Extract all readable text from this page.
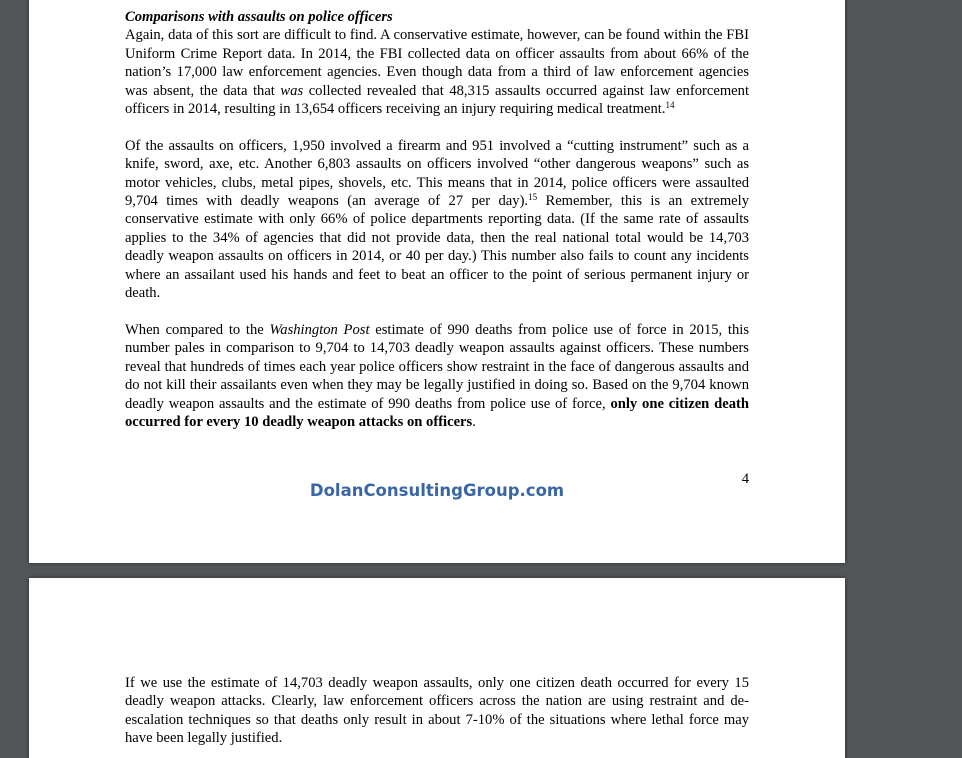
Comparisons with assaults on police officers

Again, data of this sort are difficult to find. A conservative estimate, however, can be found within the FBI Uniform Crime Report data. In 2014, the FBI collected data on officer assaults from about 66% of the nation’s 17,000 law enforcement agencies. Even though data from a third of law enforcement agencies was absent, the data that was collected revealed that 48,315 assaults occurred against law enforcement officers in 2014, resulting in 13,654 officers receiving an injury requiring medical treatment.$^{14}$

Of the assaults on officers, 1,950 involved a firearm and 951 involved a “cutting instrument” such as a knife, sword, axe, etc. Another 6,803 assaults on officers involved “other dangerous weapons” such as motor vehicles, clubs, metal pipes, shovels, etc. This means that in 2014, police officers were assaulted 9,704 times with deadly weapons (an average of 27 per day).$^{15}$ Remember, this is an extremely conservative estimate with only 66% of police departments reporting data. (If the same rate of assaults applies to the 34% of agencies that did not provide data, then the real national total would be 14,703 deadly weapon assaults on officers in 2014, or 40 per day.) This number also fails to count any incidents where an assailant used his hands and feet to beat an officer to the point of serious permanent injury or death.

When compared to the Washington Post estimate of 990 deaths from police use of force in 2015, this number pales in comparison to 9,704 to 14,703 deadly weapon assaults against officers. These numbers reveal that hundreds of times each year police officers show restraint in the face of dangerous assaults and do not kill their assailants even when they may be legally justified in doing so. Based on the 9,704 known deadly weapon assaults and the estimate of 990 deaths from police use of force, only one citizen death occurred for every 10 deadly weapon attacks on officers.

4
DolanConsultingGroup.com

If we use the estimate of 14,703 deadly weapon assaults, only one citizen death occurred for every 15 deadly weapon attacks. Clearly, law enforcement officers across the nation are using restraint and de-escalation techniques so that deaths only result in about 7-10% of the situations where lethal force may have been legally justified.
